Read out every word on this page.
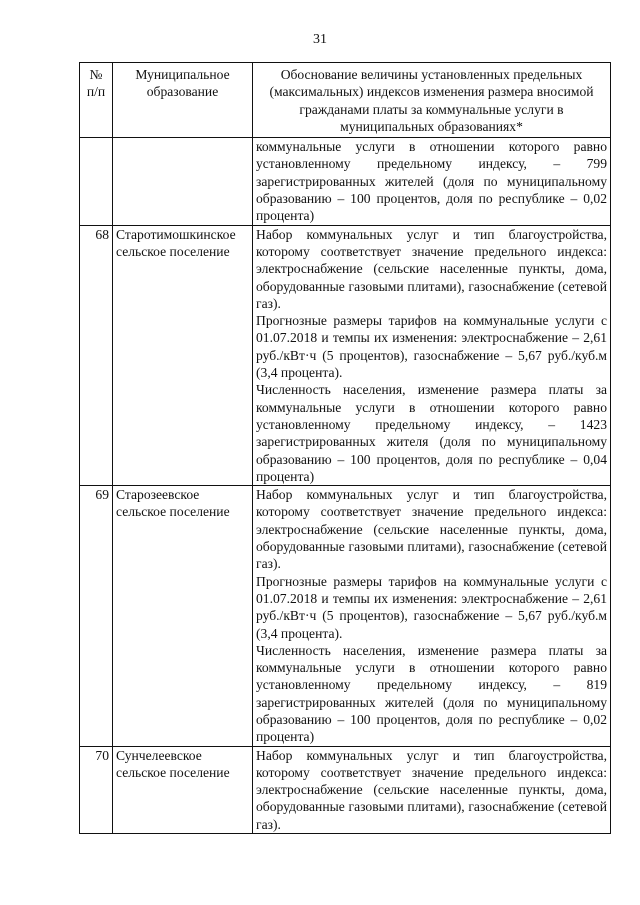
31
№ п/п	Муниципальное образование	Обоснование величины установленных предельных (максимальных) индексов изменения размера вносимой гражданами платы за коммунальные услуги в муниципальных образованиях*

		коммунальные услуги в отношении которого равно установленному предельному индексу, – 799 зарегистрированных жителей (доля по муниципальному образованию – 100 процентов, доля по республике – 0,02 процента)

68	Старотимошкинское сельское поселение	Набор коммунальных услуг и тип благоустройства, которому соответствует значение предельного индекса: электроснабжение (сельские населенные пункты, дома, оборудованные газовыми плитами), газоснабжение (сетевой газ).

Прогнозные размеры тарифов на коммунальные услуги с 01.07.2018 и темпы их изменения: электроснабжение – 2,61 руб./кВт·ч (5 процентов), газоснабжение – 5,67 руб./куб.м (3,4 процента).

Численность населения, изменение размера платы за коммунальные услуги в отношении которого равно установленному предельному индексу, – 1423 зарегистрированных жителя (доля по муниципальному образованию – 100 процентов, доля по республике – 0,04 процента)

69	Старозеевское сельское поселение	Набор коммунальных услуг и тип благоустройства, которому соответствует значение предельного индекса: электроснабжение (сельские населенные пункты, дома, оборудованные газовыми плитами), газоснабжение (сетевой газ).

Прогнозные размеры тарифов на коммунальные услуги с 01.07.2018 и темпы их изменения: электроснабжение – 2,61 руб./кВт·ч (5 процентов), газоснабжение – 5,67 руб./куб.м (3,4 процента).

Численность населения, изменение размера платы за коммунальные услуги в отношении которого равно установленному предельному индексу, – 819 зарегистрированных жителей (доля по муниципальному образованию – 100 процентов, доля по республике – 0,02 процента)

70	Сунчелеевское сельское поселение	Набор коммунальных услуг и тип благоустройства, которому соответствует значение предельного индекса: электроснабжение (сельские населенные пункты, дома, оборудованные газовыми плитами), газоснабжение (сетевой газ).
